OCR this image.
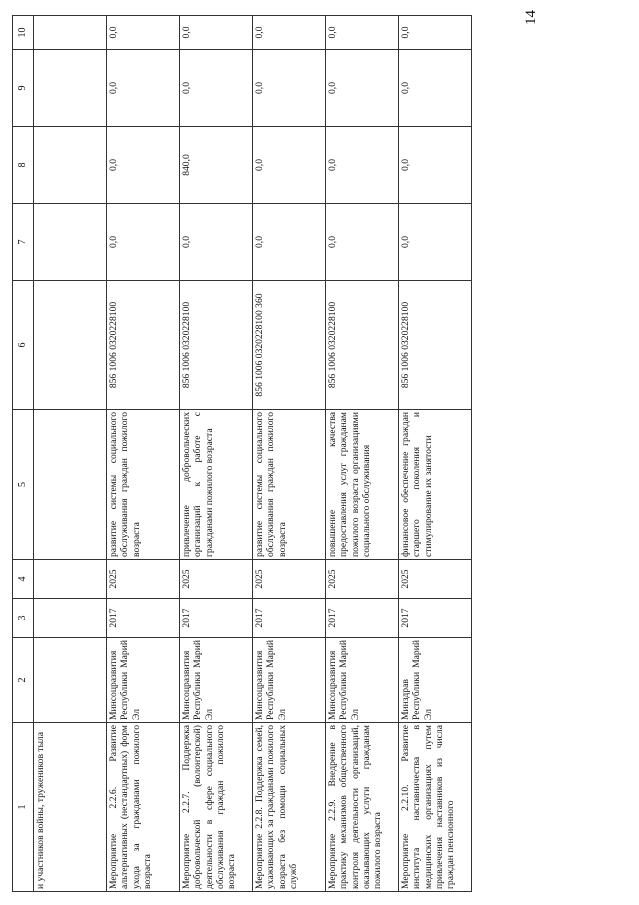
14
1	2	3	4	5	6	7	8	9	10
и участников войны, тружеников тыла									
Мероприятие 2.2.6. Развитие альтернативных (нестандартных) форм ухода за гражданами пожилого возраста	Минсоцразвития Республики Марий Эл	2017	2025	развитие системы социального обслуживания граждан пожилого возраста	856 1006 0320228100	0,0	0,0	0,0	0,0
Мероприятие 2.2.7. Поддержка добровольческой (волонтерской) деятельности в сфере социального обслуживания граждан пожилого возраста	Минсоцразвития Республики Марий Эл	2017	2025	привлечение добровольческих организаций к работе с гражданами пожилого возраста	856 1006 0320228100	0,0	840,0	0,0	0,0
Мероприятие 2.2.8. Поддержка семей, ухаживающих за гражданами пожилого возраста без помощи социальных служб	Минсоцразвития Республики Марий Эл	2017	2025	развитие системы социального обслуживания граждан пожилого возраста	856 1006 0320228100 360	0,0	0,0	0,0	0,0
Мероприятие 2.2.9. Внедрение в практику механизмов общественного контроля деятельности организаций, оказывающих услуги гражданам пожилого возраста	Минсоцразвития Республики Марий Эл	2017	2025	повышение качества предоставления услуг гражданам пожилого возраста организациями социального обслуживания	856 1006 0320228100	0,0	0,0	0,0	0,0
Мероприятие 2.2.10. Развитие института наставничества в медицинских организациях путем привлечения наставников из числа граждан пенсионного	Минздрав Республики Марий Эл	2017	2025	финансовое обеспечение граждан старшего поколения и стимулирование их занятости	856 1006 0320228100	0,0	0,0	0,0	0,0
